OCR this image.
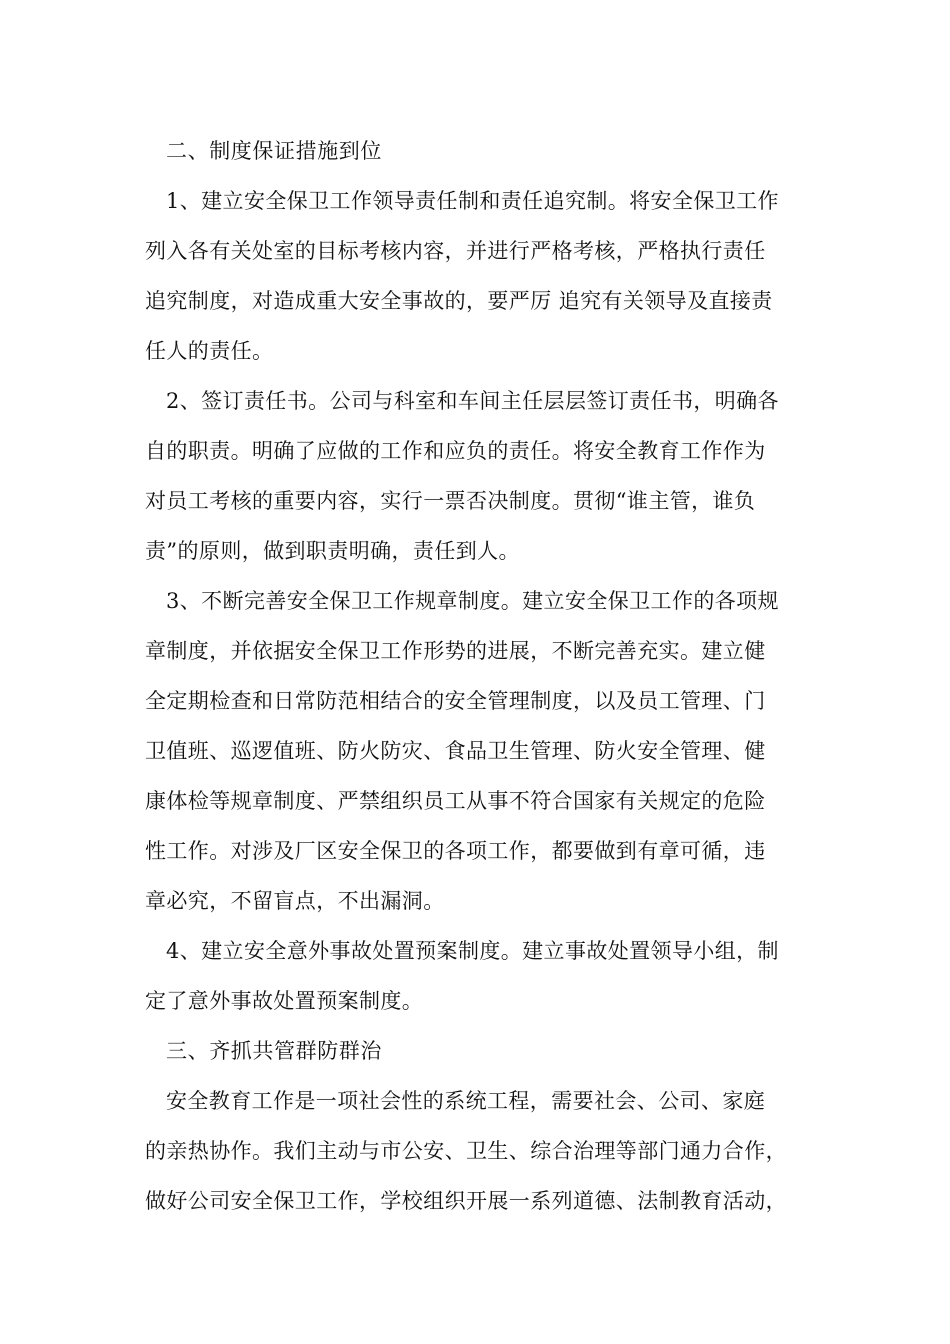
二、制度保证措施到位
1、建立安全保卫工作领导责任制和责任追究制。将安全保卫工作
列入各有关处室的目标考核内容，并进行严格考核，严格执行责任
追究制度，对造成重大安全事故的，要严厉 追究有关领导及直接责
任人的责任。
2、签订责任书。公司与科室和车间主任层层签订责任书，明确各
自的职责。明确了应做的工作和应负的责任。将安全教育工作作为
对员工考核的重要内容，实行一票否决制度。贯彻“谁主管，谁负
责”的原则，做到职责明确，责任到人。
3、不断完善安全保卫工作规章制度。建立安全保卫工作的各项规
章制度，并依据安全保卫工作形势的进展，不断完善充实。建立健
全定期检查和日常防范相结合的安全管理制度，以及员工管理、门
卫值班、巡逻值班、防火防灾、食品卫生管理、防火安全管理、健
康体检等规章制度、严禁组织员工从事不符合国家有关规定的危险
性工作。对涉及厂区安全保卫的各项工作，都要做到有章可循，违
章必究，不留盲点，不出漏洞。
4、建立安全意外事故处置预案制度。建立事故处置领导小组，制
定了意外事故处置预案制度。
三、齐抓共管群防群治
安全教育工作是一项社会性的系统工程，需要社会、公司、家庭
的亲热协作。我们主动与市公安、卫生、综合治理等部门通力合作，
做好公司安全保卫工作，学校组织开展一系列道德、法制教育活动，
